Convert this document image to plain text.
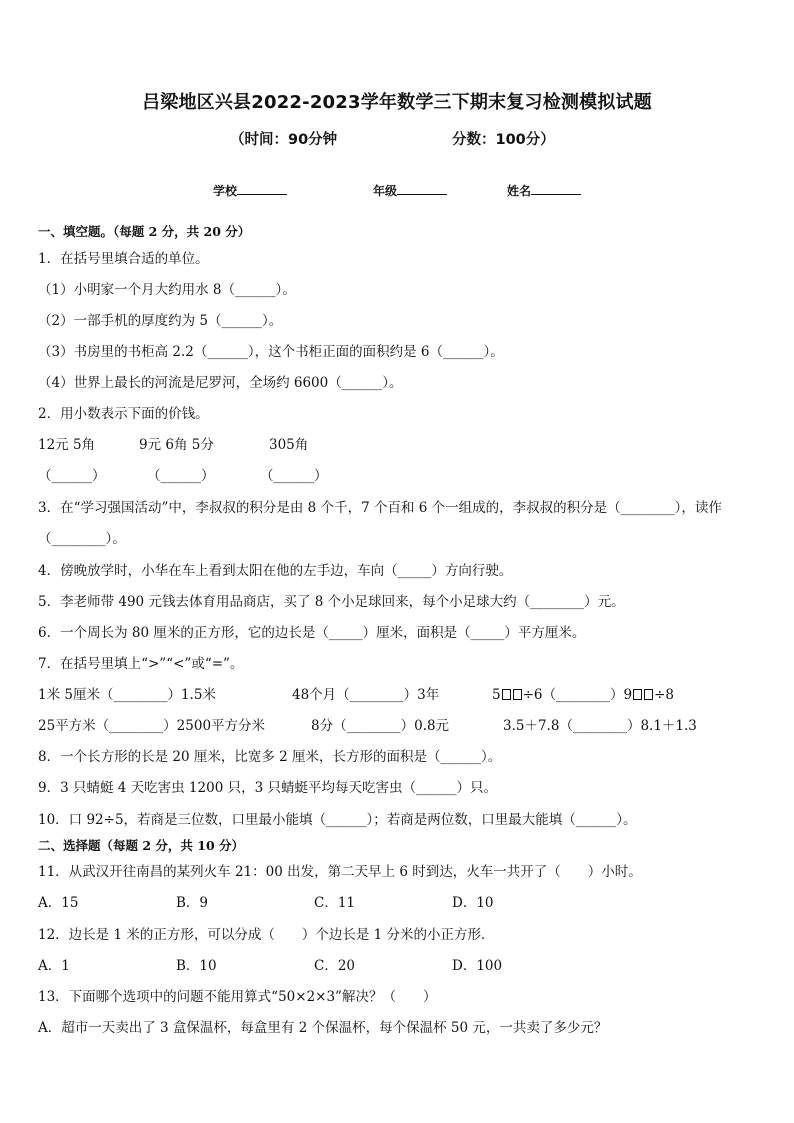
吕梁地区兴县2022-2023学年数学三下期末复习检测模拟试题
（时间：90分钟	分数：100分）
学校	年级	姓名
一、填空题。（每题 2 分，共 20 分）
1．在括号里填合适的单位。
（1）小明家一个月大约用水 8（______）。
（2）一部手机的厚度约为 5（______）。
（3）书房里的书柜高 2.2（______），这个书柜正面的面积约是 6（______）。
（4）世界上最长的河流是尼罗河，全场约 6600（______）。
2．用小数表示下面的价钱。
12元 5角	9元 6角 5分	305角
（______）	（______）	（______）
3．在“学习强国活动”中，李叔叔的积分是由 8 个千，7 个百和 6 个一组成的，李叔叔的积分是（________），读作
（________）。
4．傍晚放学时，小华在车上看到太阳在他的左手边，车向（_____）方向行驶。
5．李老师带 490 元钱去体育用品商店，买了 8 个小足球回来，每个小足球大约（________）元。
6．一个周长为 80 厘米的正方形，它的边长是（_____）厘米，面积是（_____）平方厘米。
7．在括号里填上“>”“<”或“=”。
1米 5厘米（________）1.5米	48个月（________）3年	5 ÷6（________）9 ÷8
25平方米（________）2500平方分米	8分（________）0.8元	3.5＋7.8（________）8.1＋1.3
8．一个长方形的长是 20 厘米，比宽多 2 厘米，长方形的面积是（______）。
9．3 只蜻蜓 4 天吃害虫 1200 只，3 只蜻蜓平均每天吃害虫（______）只。
10．口 92÷5，若商是三位数，口里最小能填（______）；若商是两位数，口里最大能填（______）。
二、选择题（每题 2 分，共 10 分）
11．从武汉开往南昌的某列火车 21：00 出发，第二天早上 6 时到达，火车一共开了（　　）小时。
A．15	B．9	C．11	D．10
12．边长是 1 米的正方形，可以分成（　　）个边长是 1 分米的小正方形．
A．1	B．10	C．20	D．100
13．下面哪个选项中的问题不能用算式“50×2×3”解决？（　　）
A．超市一天卖出了 3 盒保温杯，每盒里有 2 个保温杯，每个保温杯 50 元，一共卖了多少元？
